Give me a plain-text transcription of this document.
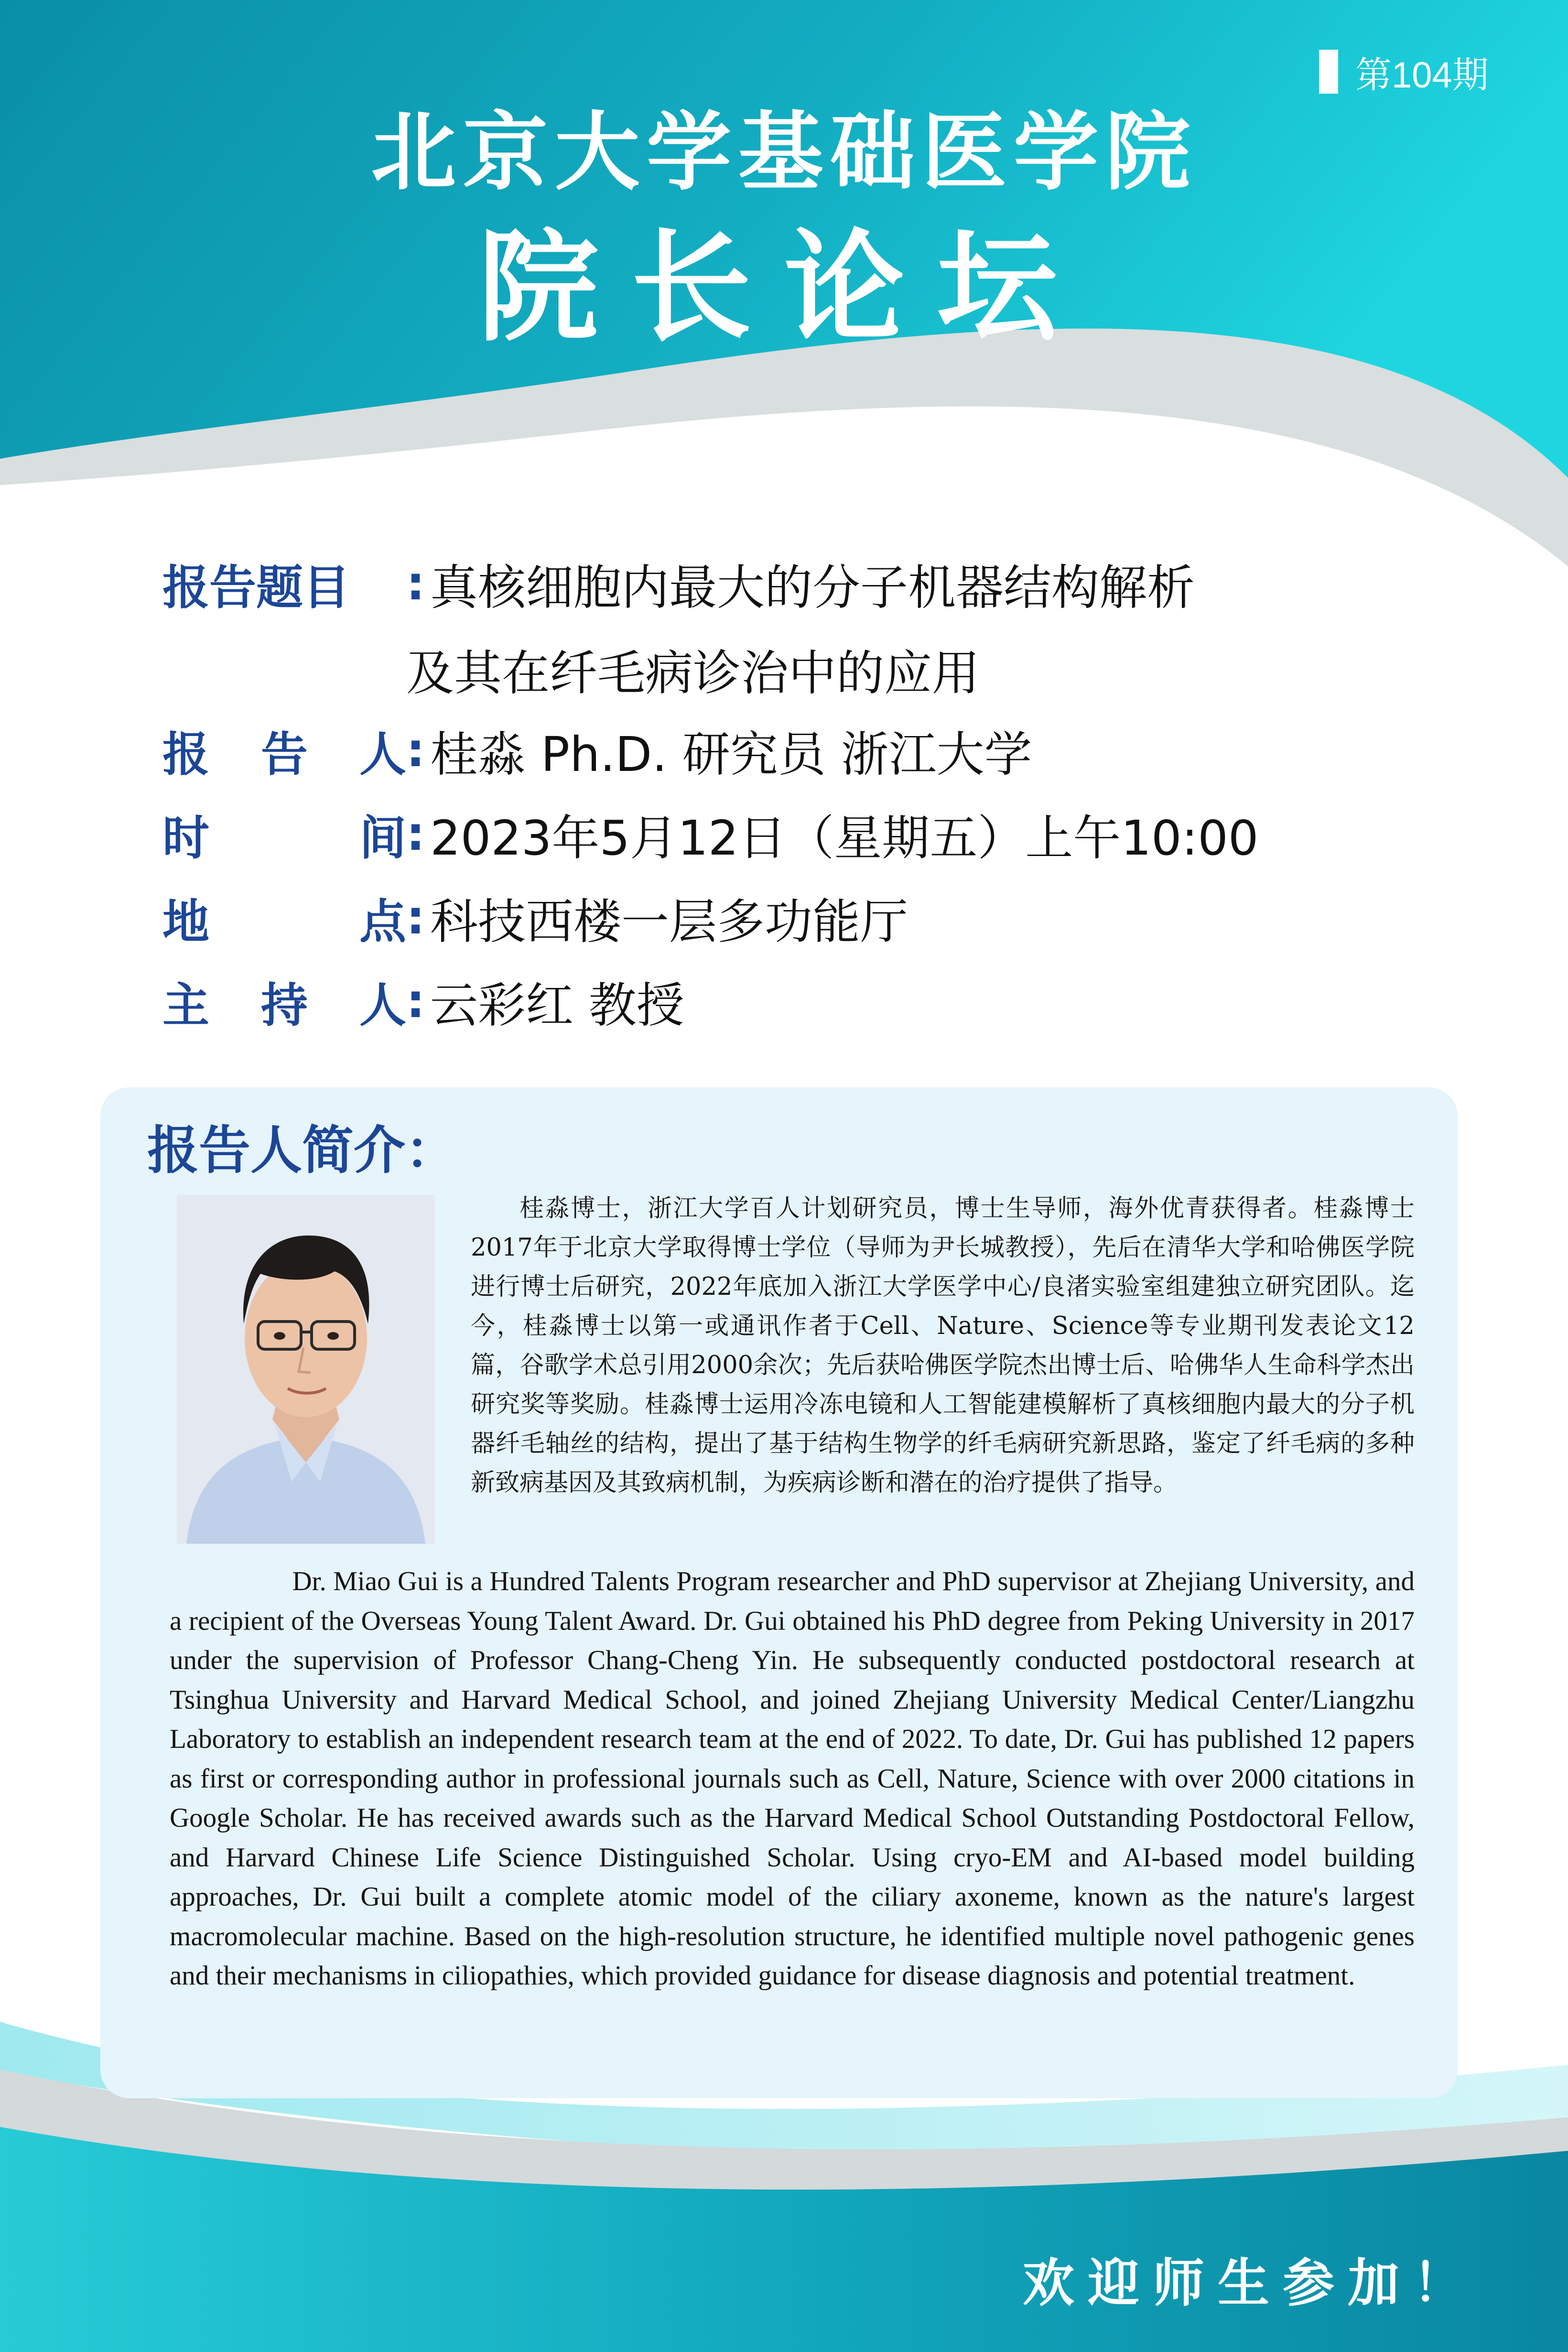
第104期
北京大学基础医学院
院长论坛
报告题目	: 真核细胞内最大的分子机器结构解析
及其在纤毛病诊治中的应用
报 告 人 : 桂淼 Ph.D. 研究员 浙江大学
时	间 : 2023年5月12日（星期五）上午10:00
地	点 : 科技西楼一层多功能厅
主 持 人 : 云彩红 教授
报告人简介：

桂淼博士，浙江大学百人计划研究员，博士生导师，海外优青获得者。桂淼博士2017年于北京大学取得博士学位（导师为尹长城教授），先后在清华大学和哈佛医学院进行博士后研究，2022年底加入浙江大学医学中心/良渚实验室组建独立研究团队。迄今，桂淼博士以第一或通讯作者于Cell、Nature、Science等专业期刊发表论文12篇，谷歌学术总引用2000余次；先后获哈佛医学院杰出博士后、哈佛华人生命科学杰出研究奖等奖励。桂淼博士运用冷冻电镜和人工智能建模解析了真核细胞内最大的分子机器纤毛轴丝的结构，提出了基于结构生物学的纤毛病研究新思路，鉴定了纤毛病的多种新致病基因及其致病机制，为疾病诊断和潜在的治疗提供了指导。

Dr. Miao Gui is a Hundred Talents Program researcher and PhD supervisor at Zhejiang University, and a recipient of the Overseas Young Talent Award. Dr. Gui obtained his PhD degree from Peking University in 2017 under the supervision of Professor Chang-Cheng Yin. He subsequently conducted postdoctoral research at Tsinghua University and Harvard Medical School, and joined Zhejiang University Medical Center/Liangzhu Laboratory to establish an independent research team at the end of 2022. To date, Dr. Gui has published 12 papers as first or corresponding author in professional journals such as Cell, Nature, Science with over 2000 citations in Google Scholar. He has received awards such as the Harvard Medical School Outstanding Postdoctoral Fellow, and Harvard Chinese Life Science Distinguished Scholar. Using cryo-EM and AI-based model building approaches, Dr. Gui built a complete atomic model of the ciliary axoneme, known as the nature's largest macromolecular machine. Based on the high-resolution structure, he identified multiple novel pathogenic genes and their mechanisms in ciliopathies, which provided guidance for disease diagnosis and potential treatment.

欢迎师生参加！
